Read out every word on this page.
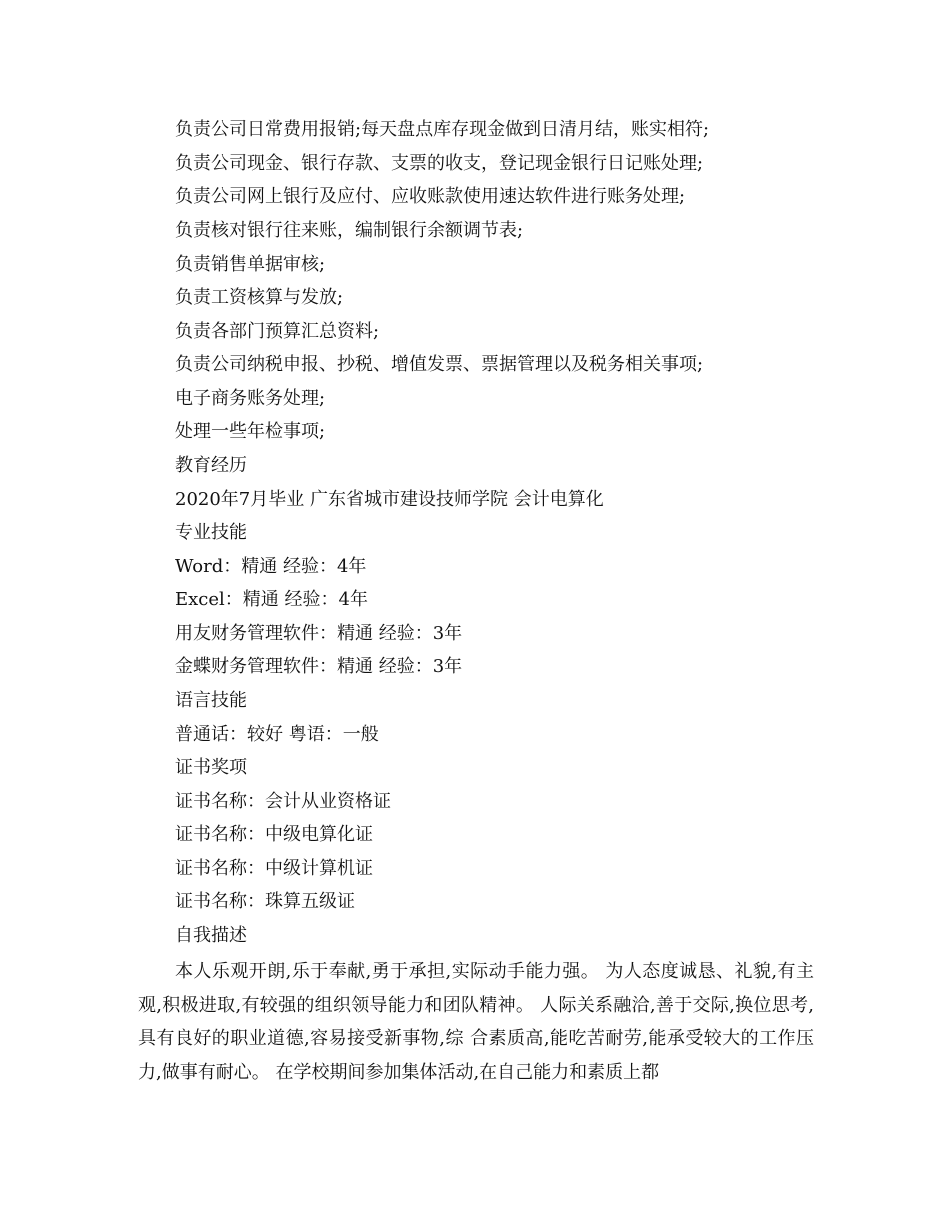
负责公司日常费用报销;每天盘点库存现金做到日清月结，账实相符;
负责公司现金、银行存款、支票的收支，登记现金银行日记账处理;
负责公司网上银行及应付、应收账款使用速达软件进行账务处理;
负责核对银行往来账，编制银行余额调节表;
负责销售单据审核;
负责工资核算与发放;
负责各部门预算汇总资料;
负责公司纳税申报、抄税、增值发票、票据管理以及税务相关事项;
电子商务账务处理;
处理一些年检事项;
教育经历
2020年7月毕业 广东省城市建设技师学院 会计电算化
专业技能
Word：精通 经验：4年
Excel：精通 经验：4年
用友财务管理软件：精通 经验：3年
金蝶财务管理软件：精通 经验：3年
语言技能
普通话：较好 粤语：一般
证书奖项
证书名称：会计从业资格证
证书名称：中级电算化证
证书名称：中级计算机证
证书名称：珠算五级证
自我描述
本人乐观开朗,乐于奉献,勇于承担,实际动手能力强。 为人态度诚恳、礼貌,有主观,积极进取,有较强的组织领导能力和团队精神。 人际关系融洽,善于交际,换位思考,具有良好的职业道德,容易接受新事物,综 合素质高,能吃苦耐劳,能承受较大的工作压力,做事有耐心。 在学校期间参加集体活动,在自己能力和素质上都
